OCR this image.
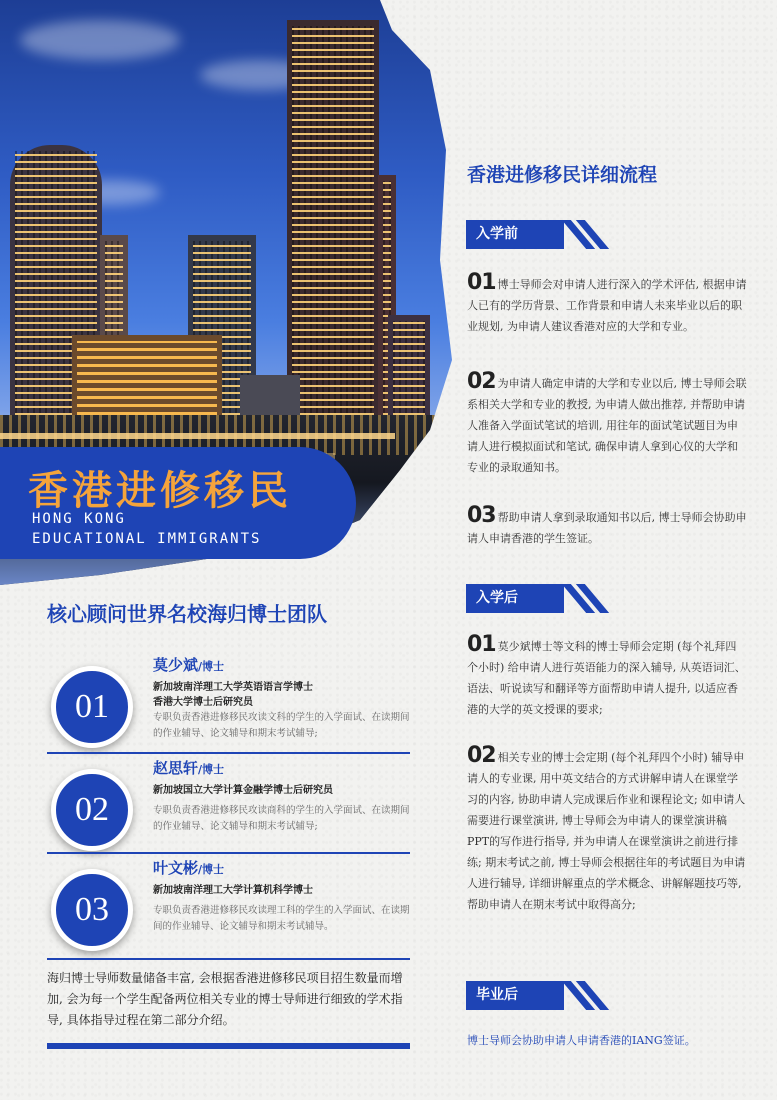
香港进修移民
HONG KONG
EDUCATIONAL IMMIGRANTS
核心顾问世界名校海归博士团队
01
莫少斌/博士
新加坡南洋理工大学英语语言学博士
香港大学博士后研究员
专职负责香港进修移民攻读文科的学生的入学面试、在读期间的作业辅导、论文辅导和期末考试辅导;
02
赵思轩/博士
新加坡国立大学计算金融学博士后研究员
专职负责香港进修移民攻读商科的学生的入学面试、在读期间的作业辅导、论文辅导和期末考试辅导;
03
叶文彬/博士
新加坡南洋理工大学计算机科学博士
专职负责香港进修移民攻读理工科的学生的入学面试、在读期间的作业辅导、论文辅导和期末考试辅导。
海归博士导师数量储备丰富, 会根据香港进修移民项目招生数量而增加, 会为每一个学生配备两位相关专业的博士导师进行细致的学术指导, 具体指导过程在第二部分介绍。
香港进修移民详细流程
入学前
01 博士导师会对申请人进行深入的学术评估, 根据申请人已有的学历背景、工作背景和申请人未来毕业以后的职业规划, 为申请人建议香港对应的大学和专业。
02 为申请人确定申请的大学和专业以后, 博士导师会联系相关大学和专业的教授, 为申请人做出推荐, 并帮助申请人准备入学面试笔试的培训, 用往年的面试笔试题目为申请人进行模拟面试和笔试, 确保申请人拿到心仪的大学和专业的录取通知书。
03 帮助申请人拿到录取通知书以后, 博士导师会协助申请人申请香港的学生签证。
入学后
01 莫少斌博士等文科的博士导师会定期 (每个礼拜四个小时) 给申请人进行英语能力的深入辅导, 从英语词汇、语法、听说读写和翻译等方面帮助申请人提升, 以适应香港的大学的英文授课的要求;
02 相关专业的博士会定期 (每个礼拜四个小时) 辅导申请人的专业课, 用中英文结合的方式讲解申请人在课堂学习的内容, 协助申请人完成课后作业和课程论文; 如申请人需要进行课堂演讲, 博士导师会为申请人的课堂演讲稿PPT的写作进行指导, 并为申请人在课堂演讲之前进行排练; 期末考试之前, 博士导师会根据往年的考试题目为申请人进行辅导, 详细讲解重点的学术概念、讲解解题技巧等, 帮助申请人在期末考试中取得高分;
毕业后
博士导师会协助申请人申请香港的IANG签证。
